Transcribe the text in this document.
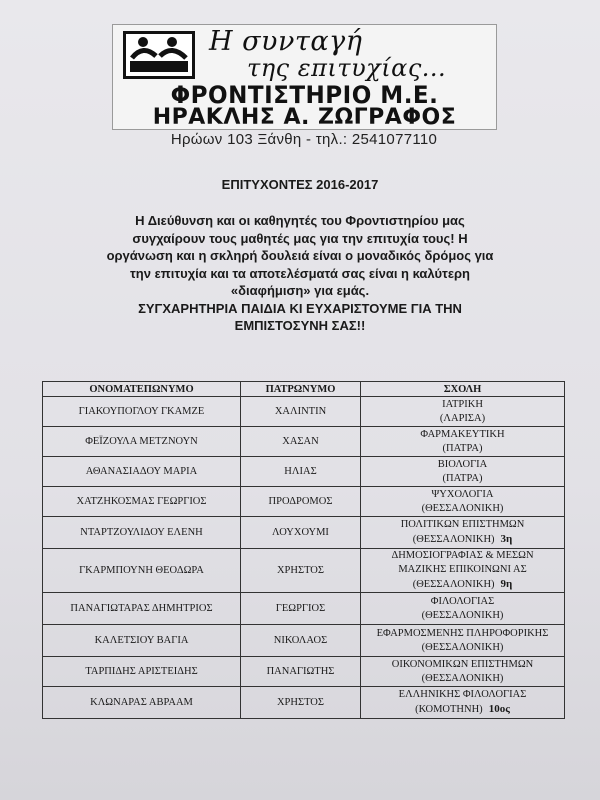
Η συνταγή
της επιτυχίας...
ΦΡΟΝΤΙΣΤΗΡΙΟ Μ.Ε.
ΗΡΑΚΛΗΣ Α. ΖΩΓΡΑΦΟΣ
Ηρώων 103 Ξάνθη - τηλ.: 2541077110
ΕΠΙΤΥΧΟΝΤΕΣ 2016-2017

Η Διεύθυνση και οι καθηγητές του Φροντιστηρίου μας

συγχαίρουν τους μαθητές μας για την επιτυχία τους! Η

οργάνωση και η σκληρή δουλειά είναι ο μοναδικός δρόμος για

την επιτυχία και τα αποτελέσματά σας είναι η καλύτερη

«διαφήμιση» για εμάς.

ΣΥΓΧΑΡΗΤΗΡΙΑ ΠΑΙΔΙΑ ΚΙ ΕΥΧΑΡΙΣΤΟΥΜΕ ΓΙΑ ΤΗΝ

ΕΜΠΙΣΤΟΣΥΝΗ ΣΑΣ!!

ΟΝΟΜΑΤΕΠΩΝΥΜΟ	ΠΑΤΡΩΝΥΜΟ	ΣΧΟΛΗ
ΓΙΑΚΟΥΠΟΓΛΟΥ ΓΚΑΜΖΕ	ΧΑΛΙΝΤΙΝ	ΙΑΤΡΙΚΗ
(ΛΑΡΙΣΑ)

ΦΕΪΖΟΥΛΑ ΜΕΤΖΝΟΥΝ	ΧΑΣΑΝ	ΦΑΡΜΑΚΕΥΤΙΚΗ
(ΠΑΤΡΑ)

ΑΘΑΝΑΣΙΑΔΟΥ ΜΑΡΙΑ	ΗΛΙΑΣ	ΒΙΟΛΟΓΙΑ
(ΠΑΤΡΑ)

ΧΑΤΖΗΚΟΣΜΑΣ ΓΕΩΡΓΙΟΣ	ΠΡΟΔΡΟΜΟΣ	ΨΥΧΟΛΟΓΙΑ
(ΘΕΣΣΑΛΟΝΙΚΗ)

ΝΤΑΡΤΖΟΥΛΙΔΟΥ ΕΛΕΝΗ	ΛΟΥΧΟΥΜΙ	ΠΟΛΙΤΙΚΩΝ ΕΠΙΣΤΗΜΩΝ
(ΘΕΣΣΑΛΟΝΙΚΗ) 3η

ΓΚΑΡΜΠΟΥΝΗ ΘΕΟΔΩΡΑ	ΧΡΗΣΤΟΣ	ΔΗΜΟΣΙΟΓΡΑΦΙΑΣ & ΜΕΣΩΝ
ΜΑΖΙΚΗΣ ΕΠΙΚΟΙΝΩΝΙ ΑΣ
(ΘΕΣΣΑΛΟΝΙΚΗ) 9η

ΠΑΝΑΓΙΩΤΑΡΑΣ ΔΗΜΗΤΡΙΟΣ	ΓΕΩΡΓΙΟΣ	ΦΙΛΟΛΟΓΙΑΣ
(ΘΕΣΣΑΛΟΝΙΚΗ)

ΚΑΛΕΤΣΙΟΥ ΒΑΓΙΑ	ΝΙΚΟΛΑΟΣ	ΕΦΑΡΜΟΣΜΕΝΗΣ ΠΛΗΡΟΦΟΡΙΚΗΣ
(ΘΕΣΣΑΛΟΝΙΚΗ)

ΤΑΡΠΙΔΗΣ ΑΡΙΣΤΕΙΔΗΣ	ΠΑΝΑΓΙΩΤΗΣ	ΟΙΚΟΝΟΜΙΚΩΝ ΕΠΙΣΤΗΜΩΝ
(ΘΕΣΣΑΛΟΝΙΚΗ)

ΚΛΩΝΑΡΑΣ ΑΒΡΑΑΜ	ΧΡΗΣΤΟΣ	ΕΛΛΗΝΙΚΗΣ ΦΙΛΟΛΟΓΙΑΣ
(ΚΟΜΟΤΗΝΗ) 10ος
